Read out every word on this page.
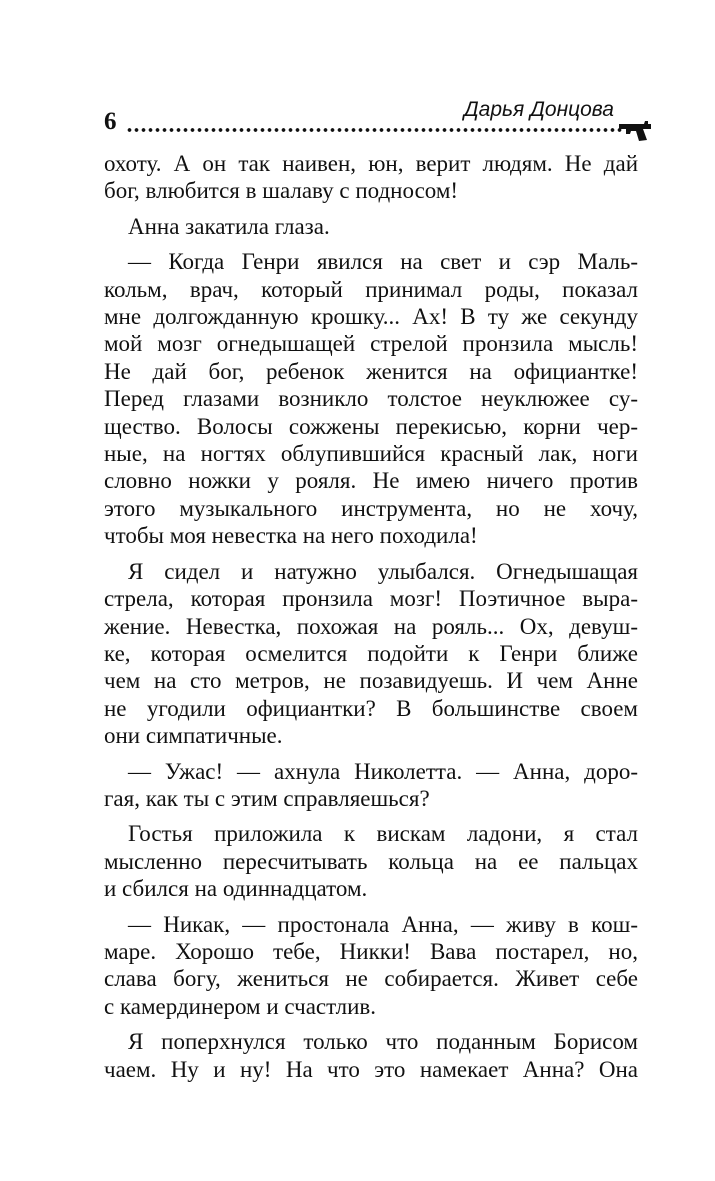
6	Дарья Донцова

охоту. А он так наивен, юн, верит людям. Не дай
бог, влюбится в шалаву с подносом!

Анна закатила глаза.

— Когда Генри явился на свет и сэр Маль-
кольм, врач, который принимал роды, показал
мне долгожданную крошку... Ах! В ту же секунду
мой мозг огнедышащей стрелой пронзила мысль!
Не дай бог, ребенок женится на официантке!
Перед глазами возникло толстое неуклюжее су-
щество. Волосы сожжены перекисью, корни чер-
ные, на ногтях облупившийся красный лак, ноги
словно ножки у рояля. Не имею ничего против
этого музыкального инструмента, но не хочу,
чтобы моя невестка на него походила!

Я сидел и натужно улыбался. Огнедышащая
стрела, которая пронзила мозг! Поэтичное выра-
жение. Невестка, похожая на рояль... Ох, девуш-
ке, которая осмелится подойти к Генри ближе
чем на сто метров, не позавидуешь. И чем Анне
не угодили официантки? В большинстве своем
они симпатичные.

— Ужас! — ахнула Николетта. — Анна, доро-
гая, как ты с этим справляешься?

Гостья приложила к вискам ладони, я стал
мысленно пересчитывать кольца на ее пальцах
и сбился на одиннадцатом.

— Никак, — простонала Анна, — живу в кош-
маре. Хорошо тебе, Никки! Вава постарел, но,
слава богу, жениться не собирается. Живет себе
с камердинером и счастлив.

Я поперхнулся только что поданным Борисом
чаем. Ну и ну! На что это намекает Анна? Она
